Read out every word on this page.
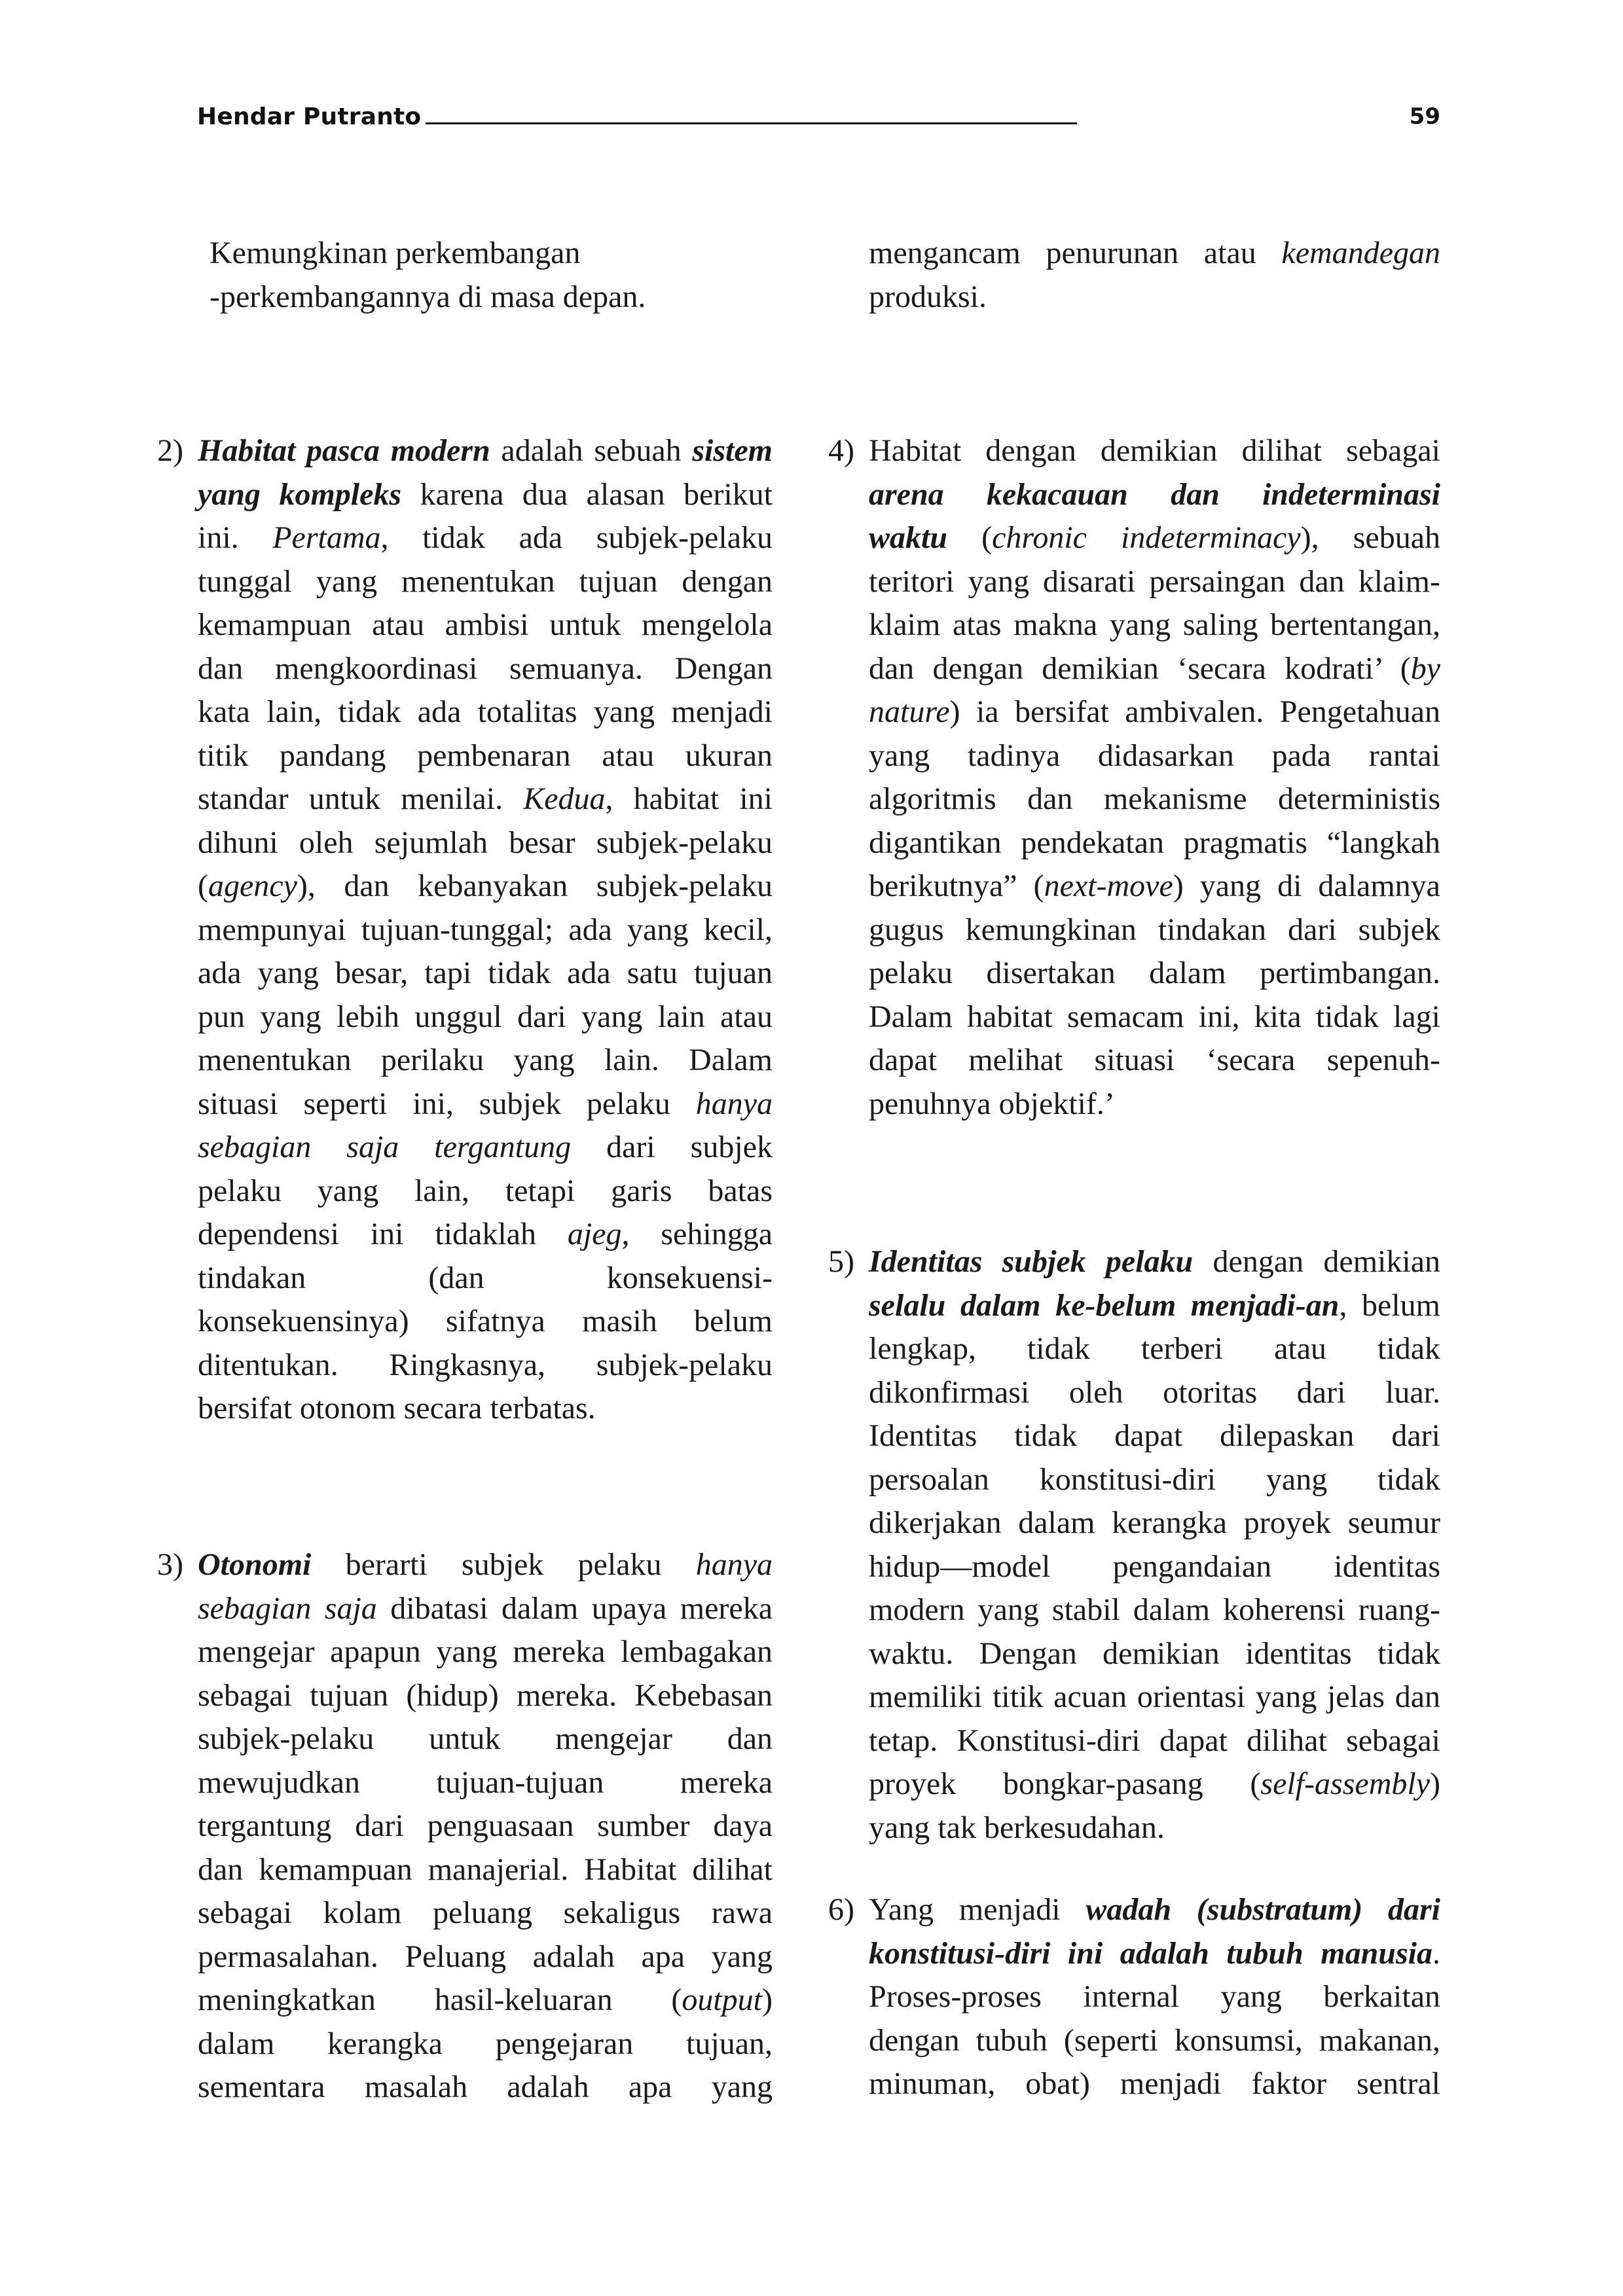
Hendar Putranto	59
Kemungkinan perkembangan
-perkembangannya di masa depan.
mengancam penurunan atau kemandegan
produksi.
2) Habitat pasca modern adalah sebuah sistem
yang kompleks karena dua alasan berikut
ini. Pertama, tidak ada subjek-pelaku
tunggal yang menentukan tujuan dengan
kemampuan atau ambisi untuk mengelola
dan mengkoordinasi semuanya. Dengan
kata lain, tidak ada totalitas yang menjadi
titik pandang pembenaran atau ukuran
standar untuk menilai. Kedua, habitat ini
dihuni oleh sejumlah besar subjek-pelaku
(agency), dan kebanyakan subjek-pelaku
mempunyai tujuan-tunggal; ada yang kecil,
ada yang besar, tapi tidak ada satu tujuan
pun yang lebih unggul dari yang lain atau
menentukan perilaku yang lain. Dalam
situasi seperti ini, subjek pelaku hanya
sebagian saja tergantung dari subjek
pelaku yang lain, tetapi garis batas
dependensi ini tidaklah ajeg, sehingga
tindakan (dan konsekuensi-
konsekuensinya) sifatnya masih belum
ditentukan. Ringkasnya, subjek-pelaku
bersifat otonom secara terbatas.
3) Otonomi berarti subjek pelaku hanya
sebagian saja dibatasi dalam upaya mereka
mengejar apapun yang mereka lembagakan
sebagai tujuan (hidup) mereka. Kebebasan
subjek-pelaku untuk mengejar dan
mewujudkan tujuan-tujuan mereka
tergantung dari penguasaan sumber daya
dan kemampuan manajerial. Habitat dilihat
sebagai kolam peluang sekaligus rawa
permasalahan. Peluang adalah apa yang
meningkatkan hasil-keluaran (output)
dalam kerangka pengejaran tujuan,
sementara masalah adalah apa yang
4) Habitat dengan demikian dilihat sebagai
arena kekacauan dan indeterminasi
waktu (chronic indeterminacy), sebuah
teritori yang disarati persaingan dan klaim-
klaim atas makna yang saling bertentangan,
dan dengan demikian ‘secara kodrati’ (by
nature) ia bersifat ambivalen. Pengetahuan
yang tadinya didasarkan pada rantai
algoritmis dan mekanisme deterministis
digantikan pendekatan pragmatis “langkah
berikutnya” (next-move) yang di dalamnya
gugus kemungkinan tindakan dari subjek
pelaku disertakan dalam pertimbangan.
Dalam habitat semacam ini, kita tidak lagi
dapat melihat situasi ‘secara sepenuh-
penuhnya objektif.’
5) Identitas subjek pelaku dengan demikian
selalu dalam ke-belum menjadi-an, belum
lengkap, tidak terberi atau tidak
dikonfirmasi oleh otoritas dari luar.
Identitas tidak dapat dilepaskan dari
persoalan konstitusi-diri yang tidak
dikerjakan dalam kerangka proyek seumur
hidup—model pengandaian identitas
modern yang stabil dalam koherensi ruang-
waktu. Dengan demikian identitas tidak
memiliki titik acuan orientasi yang jelas dan
tetap. Konstitusi-diri dapat dilihat sebagai
proyek bongkar-pasang (self-assembly)
yang tak berkesudahan.
6) Yang menjadi wadah (substratum) dari
konstitusi-diri ini adalah tubuh manusia.
Proses-proses internal yang berkaitan
dengan tubuh (seperti konsumsi, makanan,
minuman, obat) menjadi faktor sentral
